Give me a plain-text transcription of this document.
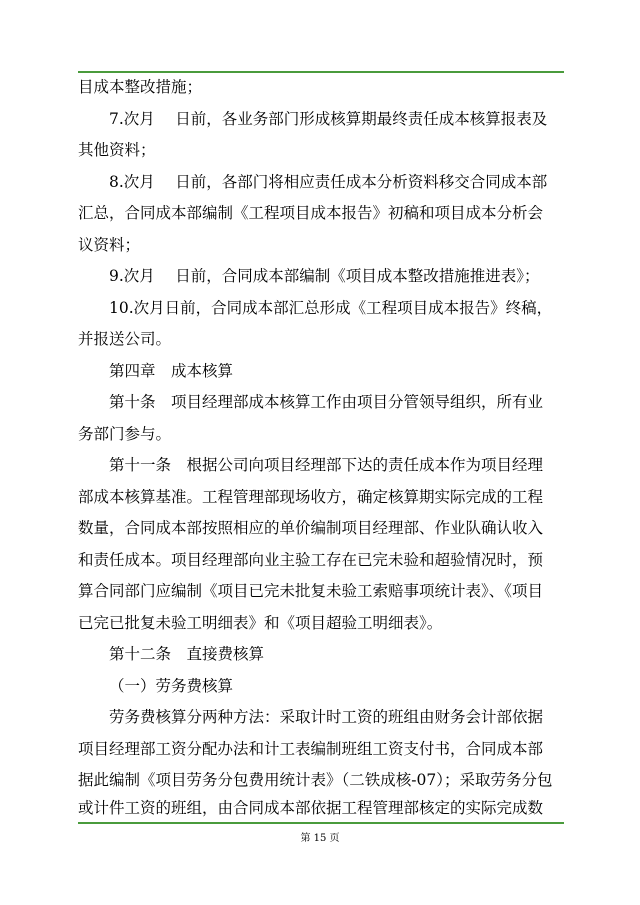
目成本整改措施；
7.次月　 日前，各业务部门形成核算期最终责任成本核算报表及
其他资料；
8.次月　 日前，各部门将相应责任成本分析资料移交合同成本部
汇总，合同成本部编制《工程项目成本报告》初稿和项目成本分析会
议资料；
9.次月　 日前，合同成本部编制《项目成本整改措施推进表》；
10.次月日前，合同成本部汇总形成《工程项目成本报告》终稿，
并报送公司。
第四章　成本核算
第十条　项目经理部成本核算工作由项目分管领导组织，所有业
务部门参与。
第十一条　根据公司向项目经理部下达的责任成本作为项目经理
部成本核算基准。工程管理部现场收方，确定核算期实际完成的工程
数量，合同成本部按照相应的单价编制项目经理部、作业队确认收入
和责任成本。项目经理部向业主验工存在已完未验和超验情况时，预
算合同部门应编制《项目已完未批复未验工索赔事项统计表》、《项目
已完已批复未验工明细表》和《项目超验工明细表》。
第十二条　直接费核算
（一）劳务费核算
劳务费核算分两种方法：采取计时工资的班组由财务会计部依据
项目经理部工资分配办法和计工表编制班组工资支付书，合同成本部
据此编制《项目劳务分包费用统计表》（二铁成核-07）；采取劳务分包
或计件工资的班组，由合同成本部依据工程管理部核定的实际完成数
第 15 页
